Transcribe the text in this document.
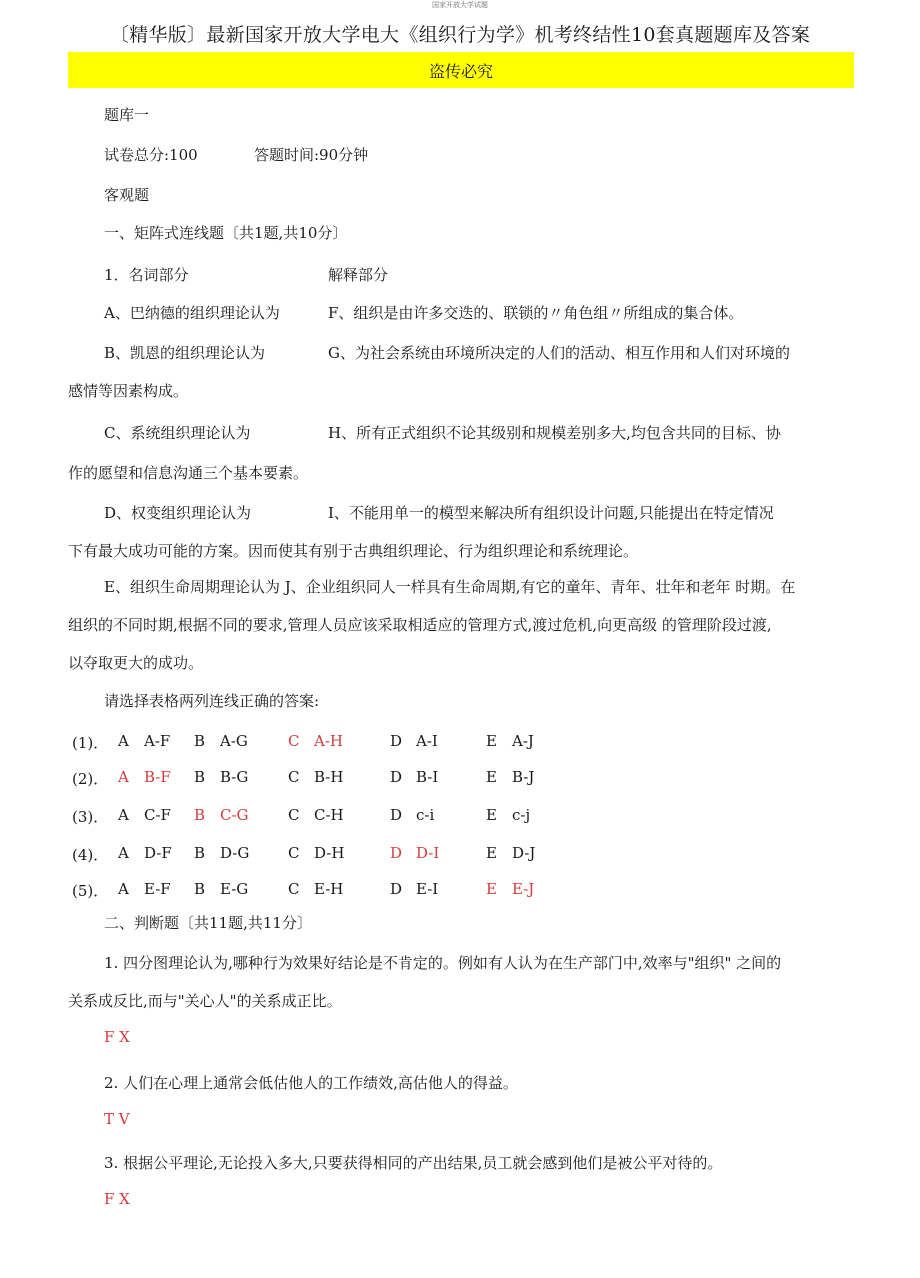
国家开放大学试题
〔精华版〕最新国家开放大学电大《组织行为学》机考终结性10套真题题库及答案
盗传必究
题库一
试卷总分:100	答题时间:90分钟
客观题
一、矩阵式连线题〔共1题,共10分〕
1．名词部分	解释部分
A、巴纳德的组织理论认为	F、组织是由许多交迭的、联锁的〃角色组〃所组成的集合体。
B、凯恩的组织理论认为	G、为社会系统由环境所决定的人们的活动、相互作用和人们对环境的
感情等因素构成。
C、系统组织理论认为	H、所有正式组织不论其级别和规模差别多大,均包含共同的目标、协
作的愿望和信息沟通三个基本要素。
D、权变组织理论认为	I、不能用单一的模型来解决所有组织设计问题,只能提出在特定情况
下有最大成功可能的方案。因而使其有别于古典组织理论、行为组织理论和系统理论。
E、组织生命周期理论认为 J、企业组织同人一样具有生命周期,有它的童年、青年、壮年和老年 时期。在
组织的不同时期,根据不同的要求,管理人员应该采取相适应的管理方式,渡过危机,向更高级 的管理阶段过渡,
以夺取更大的成功。
请选择表格两列连线正确的答案:
(1)． A A-F B A-G	C A-H	D A-I	E A-J
(2)． A B-F B B-G	C B-H	D B-I	E B-J
(3)． A C-F B C-G	C C-H	D c-i	E c-j
(4)． A D-F B D-G	C D-H	D D-I	E D-J
(5)． A E-F B E-G	C E-H	D E-I	E E-J
二、判断题〔共11题,共11分〕
1. 四分图理论认为,哪种行为效果好结论是不肯定的。例如有人认为在生产部门中,效率与"组织" 之间的
关系成反比,而与"关心人"的关系成正比。
F X
2. 人们在心理上通常会低估他人的工作绩效,高估他人的得益。
T V
3. 根据公平理论,无论投入多大,只要获得相同的产出结果,员工就会感到他们是被公平对待的。
F X
